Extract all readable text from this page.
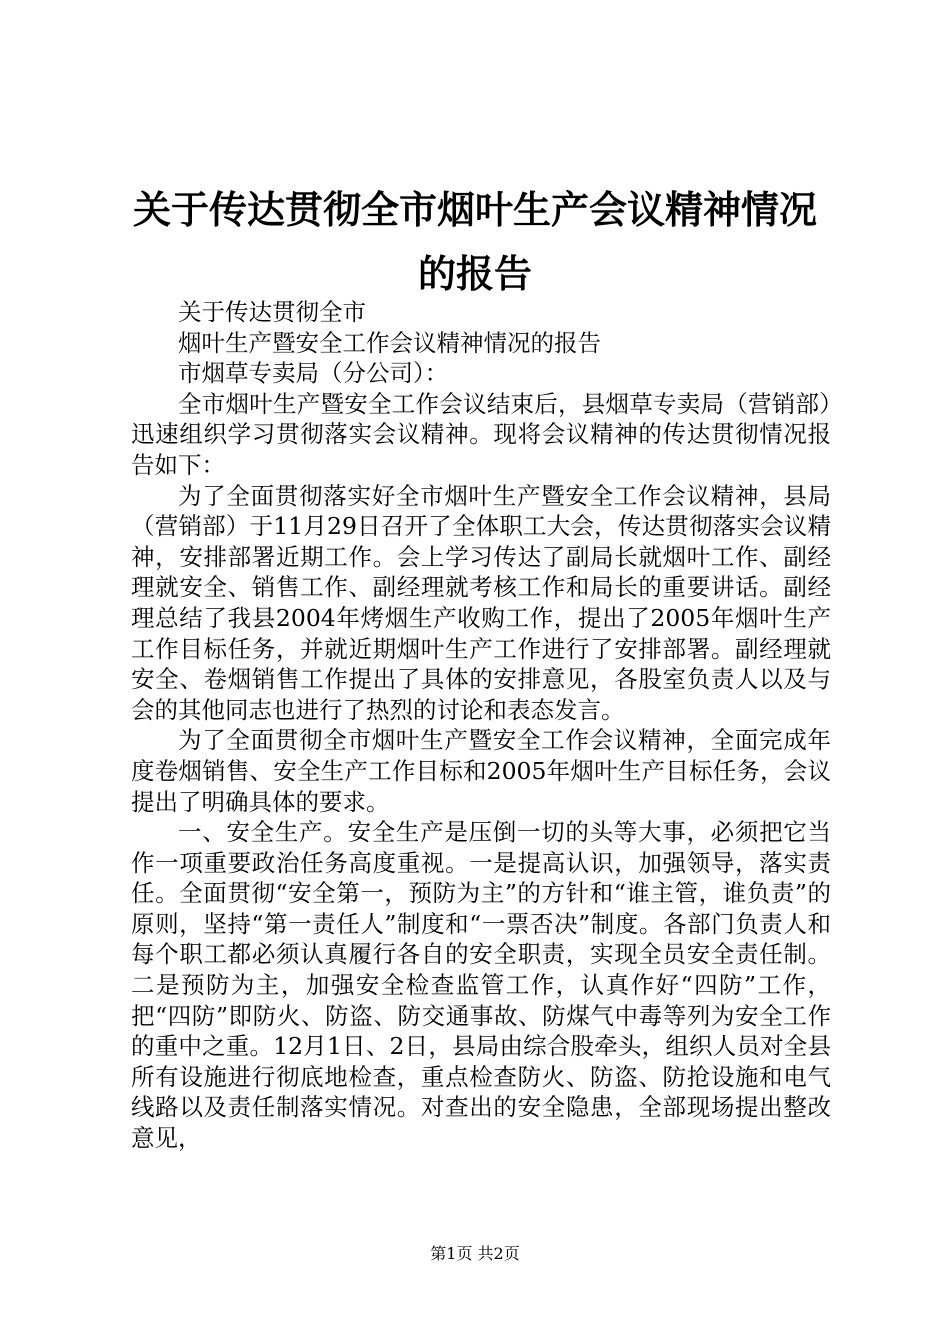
关于传达贯彻全市烟叶生产会议精神情况的报告

关于传达贯彻全市

烟叶生产暨安全工作会议精神情况的报告

市烟草专卖局（分公司）：

全市烟叶生产暨安全工作会议结束后，县烟草专卖局（营销部）迅速组织学习贯彻落实会议精神。现将会议精神的传达贯彻情况报告如下：

为了全面贯彻落实好全市烟叶生产暨安全工作会议精神，县局（营销部）于11月29日召开了全体职工大会，传达贯彻落实会议精神，安排部署近期工作。会上学习传达了副局长就烟叶工作、副经理就安全、销售工作、副经理就考核工作和局长的重要讲话。副经理总结了我县2004年烤烟生产收购工作，提出了2005年烟叶生产工作目标任务，并就近期烟叶生产工作进行了安排部署。副经理就安全、卷烟销售工作提出了具体的安排意见，各股室负责人以及与会的其他同志也进行了热烈的讨论和表态发言。

为了全面贯彻全市烟叶生产暨安全工作会议精神，全面完成年度卷烟销售、安全生产工作目标和2005年烟叶生产目标任务，会议提出了明确具体的要求。

一、安全生产。安全生产是压倒一切的头等大事，必须把它当作一项重要政治任务高度重视。一是提高认识，加强领导，落实责任。全面贯彻“安全第一，预防为主”的方针和“谁主管，谁负责”的原则，坚持“第一责任人”制度和“一票否决”制度。各部门负责人和每个职工都必须认真履行各自的安全职责，实现全员安全责任制。二是预防为主，加强安全检查监管工作，认真作好“四防”工作，把“四防”即防火、防盗、防交通事故、防煤气中毒等列为安全工作的重中之重。12月1日、2日，县局由综合股牵头，组织人员对全县所有设施进行彻底地检查，重点检查防火、防盗、防抢设施和电气线路以及责任制落实情况。对查出的安全隐患，全部现场提出整改意见，

第1页 共2页
